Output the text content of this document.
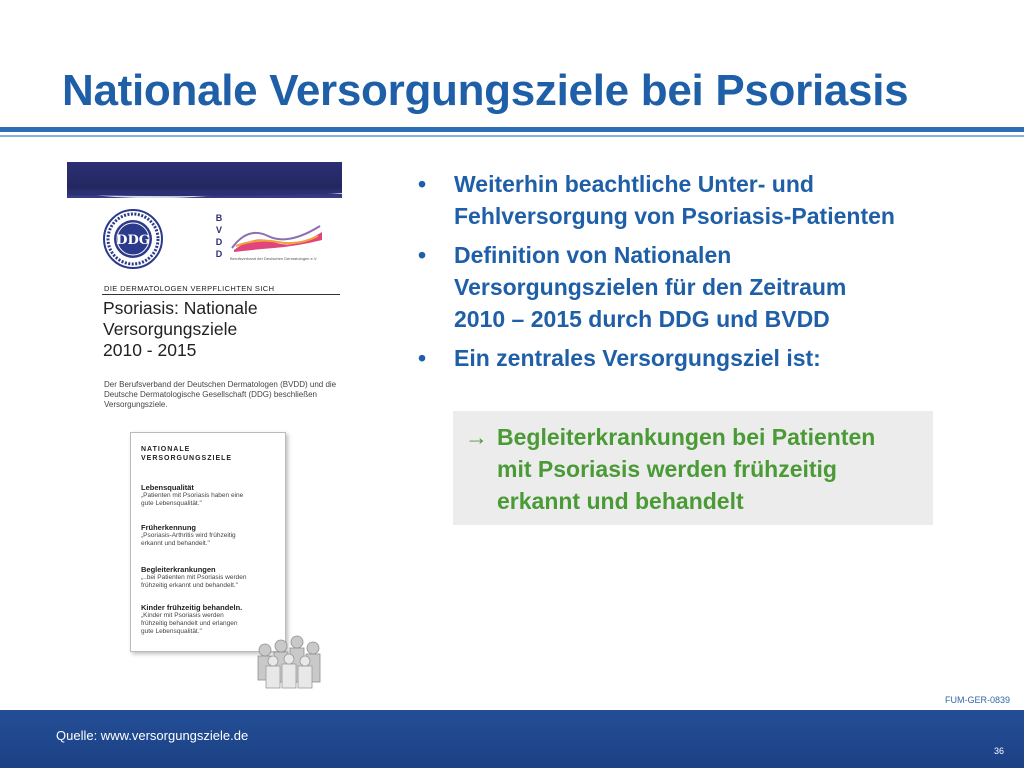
Nationale Versorgungsziele bei Psoriasis
DDG
B
V
D
D	Berufsverband der Deutschen Dermatologen e.V.
DIE DERMATOLOGEN VERPFLICHTEN SICH
Psoriasis: Nationale
Versorgungsziele
2010 - 2015
Der Berufsverband der Deutschen Dermatologen (BVDD) und die Deutsche Dermatologische Gesellschaft (DDG) beschließen Versorgungsziele.
NATIONALE
VERSORGUNGSZIELE
Lebensqualität
„Patienten mit Psoriasis haben eine
gute Lebensqualität."
Früherkennung
„Psoriasis-Arthritis wird frühzeitig
erkannt und behandelt."
Begleiterkrankungen
„..bei Patienten mit Psoriasis werden
frühzeitig erkannt und behandelt."
Kinder frühzeitig behandeln.
„Kinder mit Psoriasis werden
frühzeitig behandelt und erlangen
gute Lebensqualität."
• Weiterhin beachtliche Unter- und
Fehlversorgung von Psoriasis-Patienten
• Definition von Nationalen
Versorgungszielen für den Zeitraum
2010 – 2015 durch DDG und BVDD
• Ein zentrales Versorgungsziel ist:
→ Begleiterkrankungen bei Patienten
mit Psoriasis werden frühzeitig
erkannt und behandelt
FUM-GER-0839
Quelle: www.versorgungsziele.de
36
